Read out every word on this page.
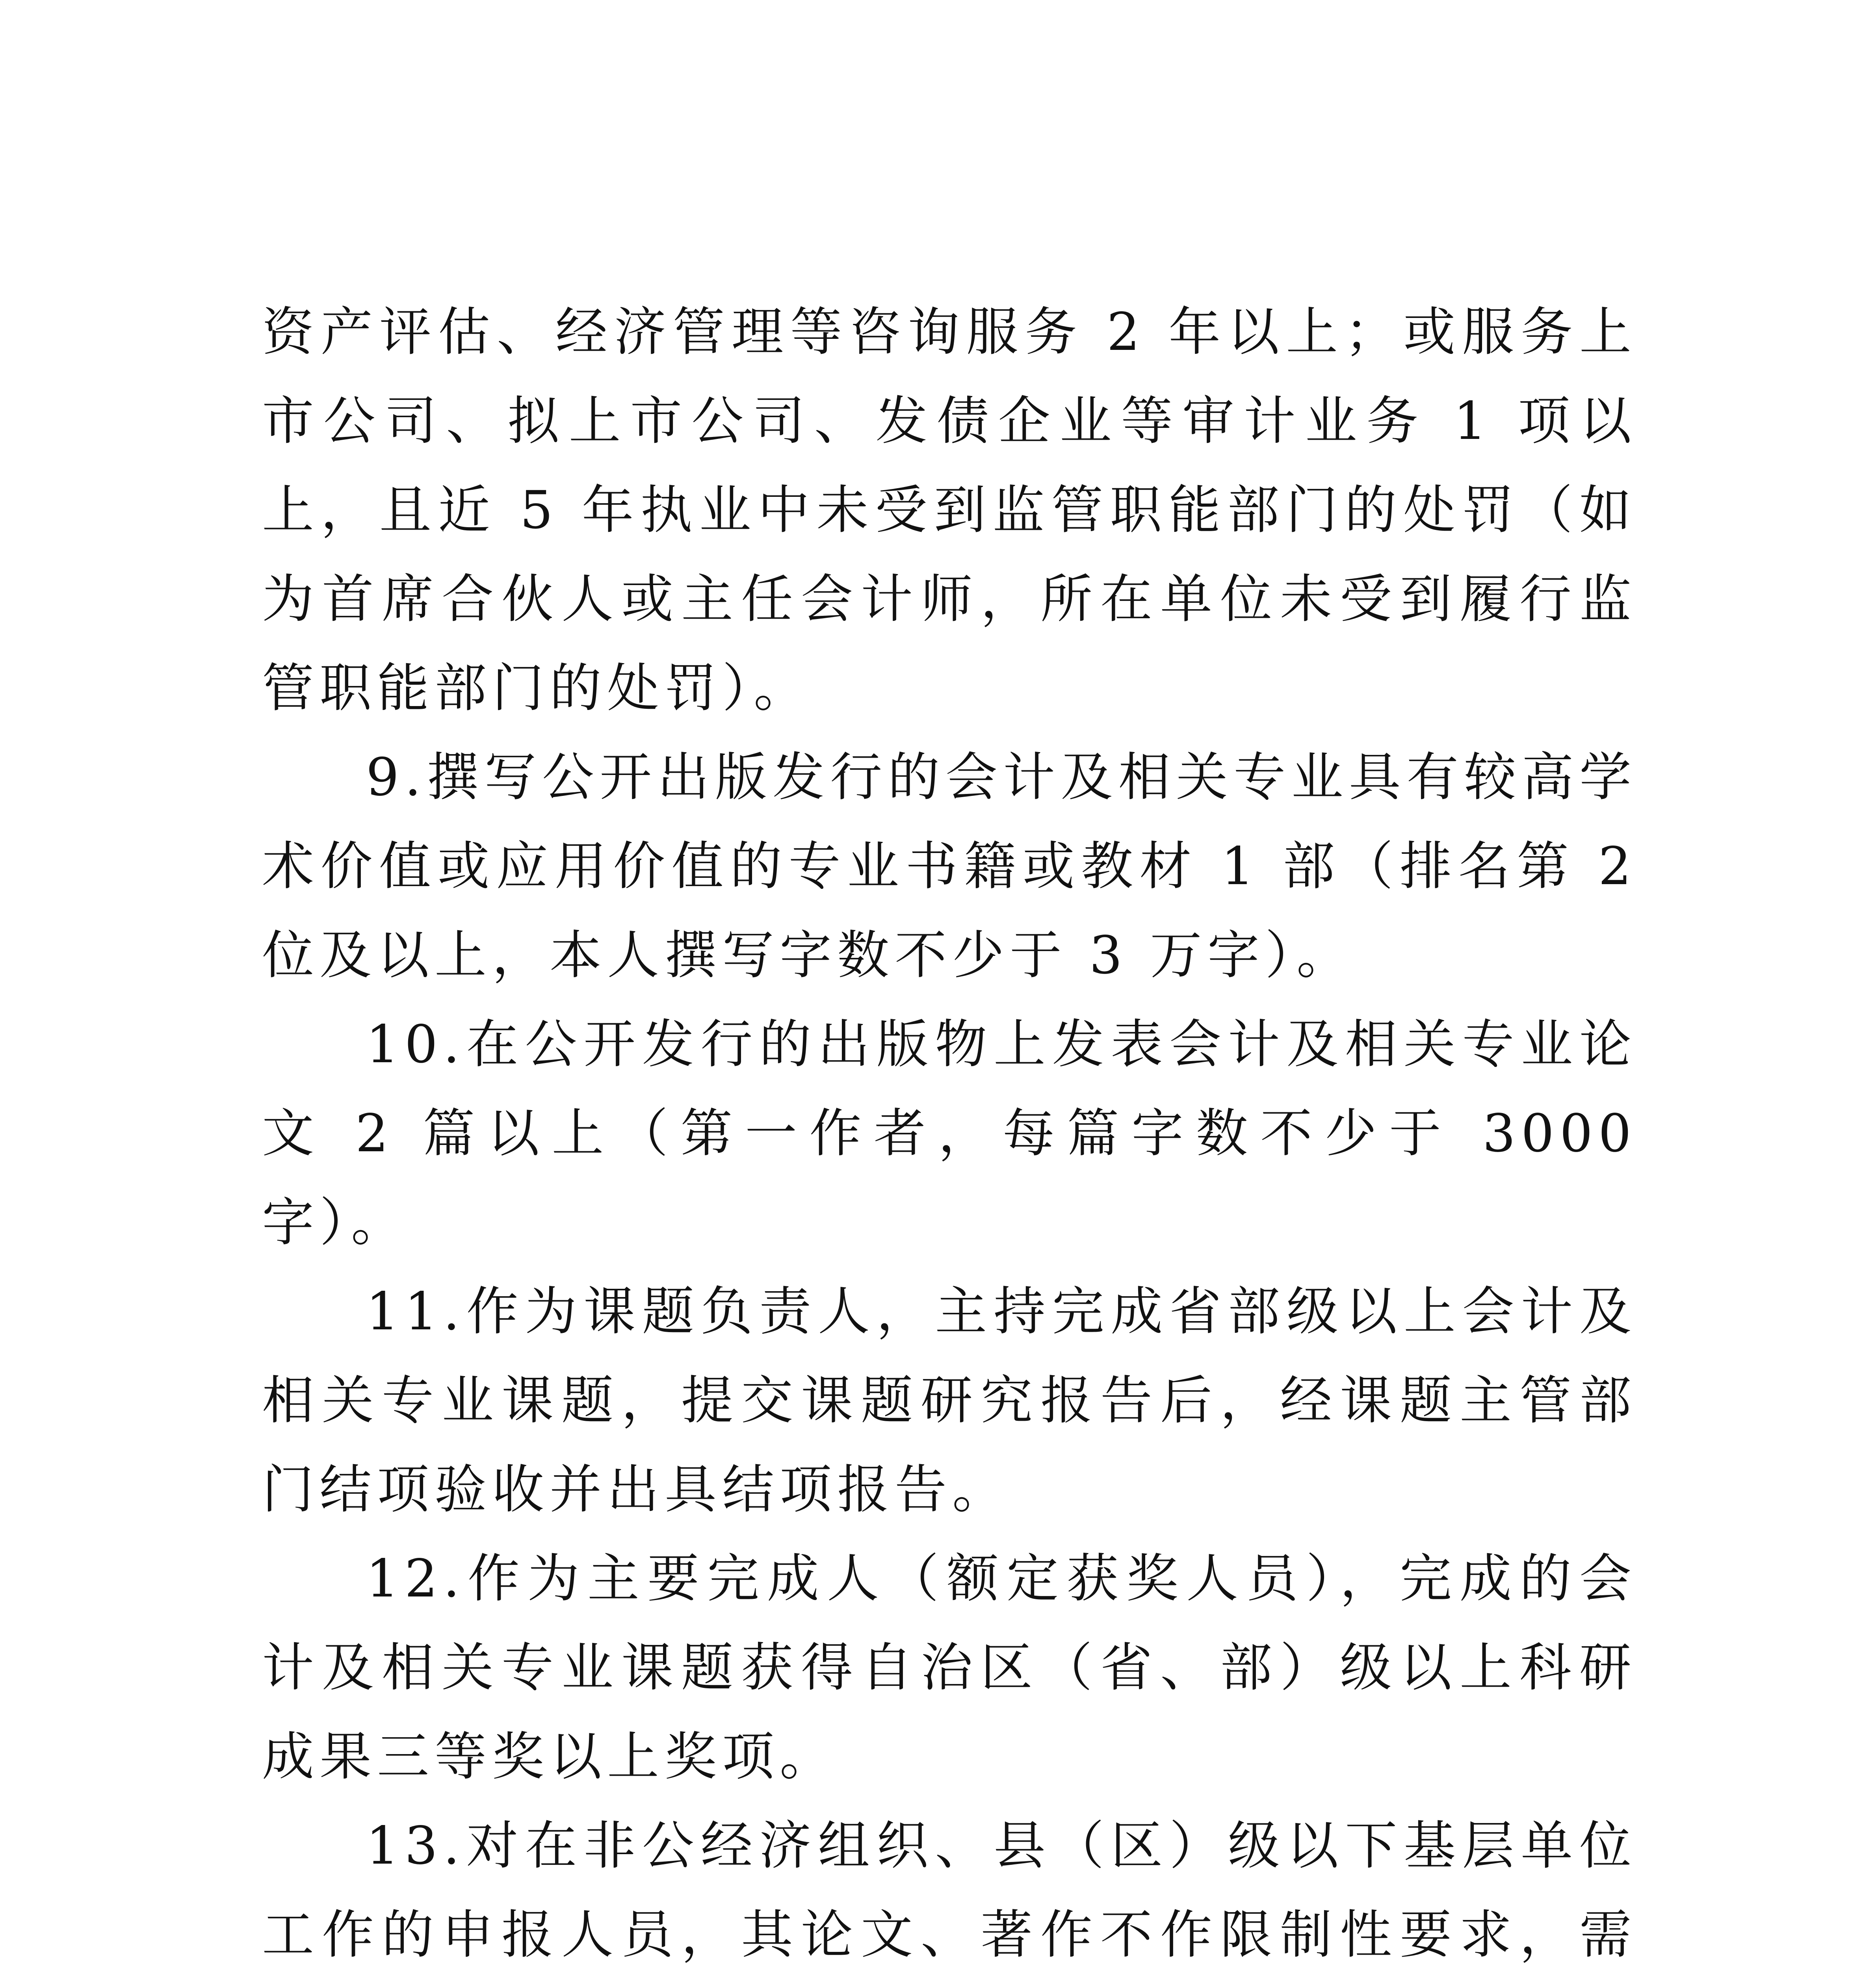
资产评估、经济管理等咨询服务 2 年以上；或服务上市公司、拟上市公司、发债企业等审计业务 1 项以上，且近 5 年执业中未受到监管职能部门的处罚（如为首席合伙人或主任会计师，所在单位未受到履行监管职能部门的处罚）。

9.撰写公开出版发行的会计及相关专业具有较高学术价值或应用价值的专业书籍或教材 1 部（排名第 2 位及以上，本人撰写字数不少于 3 万字）。

10.在公开发行的出版物上发表会计及相关专业论文 2 篇以上（第一作者，每篇字数不少于 3000 字）。

11.作为课题负责人，主持完成省部级以上会计及相关专业课题，提交课题研究报告后，经课题主管部门结项验收并出具结项报告。

12.作为主要完成人（额定获奖人员），完成的会计及相关专业课题获得自治区（省、部）级以上科研成果三等奖以上奖项。

13.对在非公经济组织、县（区）级以下基层单位工作的申报人员，其论文、著作不作限制性要求，需
